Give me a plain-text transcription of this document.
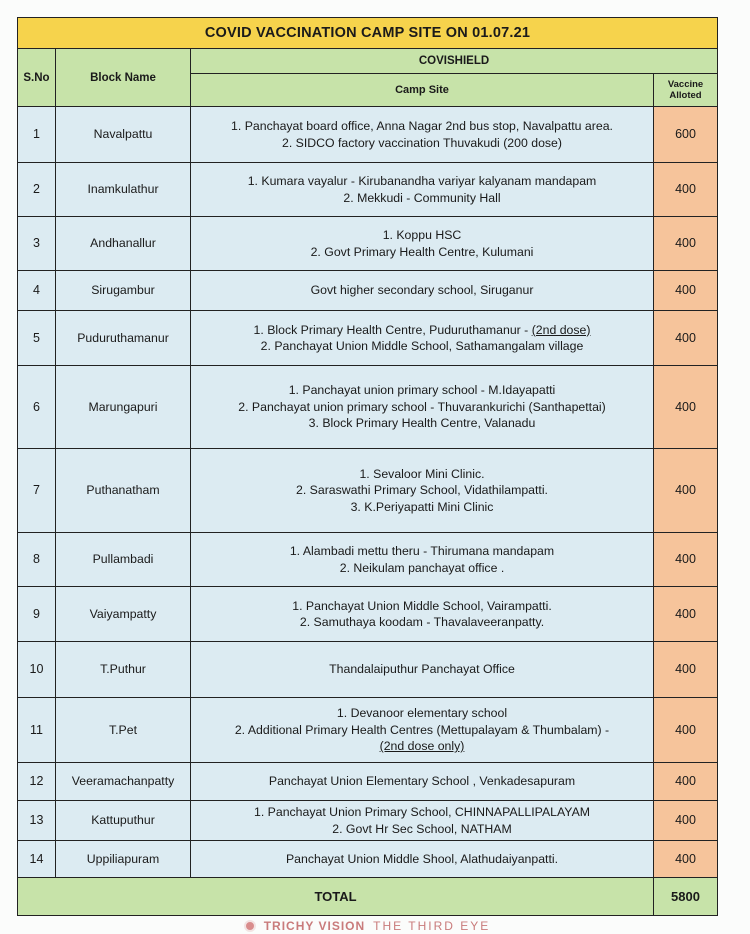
COVID VACCINATION CAMP SITE ON 01.07.21			
S.No	Block Name	COVISHIELD	
		Camp Site	Vaccine
Alloted

1	Navalpattu	1. Panchayat board office, Anna Nagar 2nd bus stop, Navalpattu area.
2. SIDCO factory vaccination Thuvakudi (200 dose)	600
2	Inamkulathur	1. Kumara vayalur - Kirubanandha variyar kalyanam mandapam
2. Mekkudi - Community Hall	400
3	Andhanallur	1. Koppu HSC
2. Govt Primary Health Centre, Kulumani	400
4	Sirugambur	Govt higher secondary school, Siruganur	400
5	Puduruthamanur	1. Block Primary Health Centre, Puduruthamanur - (2nd dose)
2. Panchayat Union Middle School, Sathamangalam village	400
6	Marungapuri	1. Panchayat union primary school - M.Idayapatti
2. Panchayat union primary school - Thuvarankurichi (Santhapettai)
3. Block Primary Health Centre, Valanadu	400
7	Puthanatham	1. Sevaloor Mini Clinic.
2. Saraswathi Primary School, Vidathilampatti.
3. K.Periyapatti Mini Clinic	400
8	Pullambadi	1. Alambadi mettu theru - Thirumana mandapam
2. Neikulam panchayat office .	400
9	Vaiyampatty	1. Panchayat Union Middle School, Vairampatti.
2. Samuthaya koodam - Thavalaveeranpatty.	400
10	T.Puthur	Thandalaiputhur Panchayat Office	400
11	T.Pet	1. Devanoor elementary school
2. Additional Primary Health Centres (Mettupalayam & Thumbalam) -
(2nd dose only)	400
12	Veeramachanpatty	Panchayat Union Elementary School , Venkadesapuram	400
13	Kattuputhur	1. Panchayat Union Primary School, CHINNAPALLIPALAYAM
2. Govt Hr Sec School, NATHAM	400
14	Uppiliapuram	Panchayat Union Middle Shool, Alathudaiyanpatti.	400
TOTAL			5800
TRICHY VISION THE THIRD EYE
